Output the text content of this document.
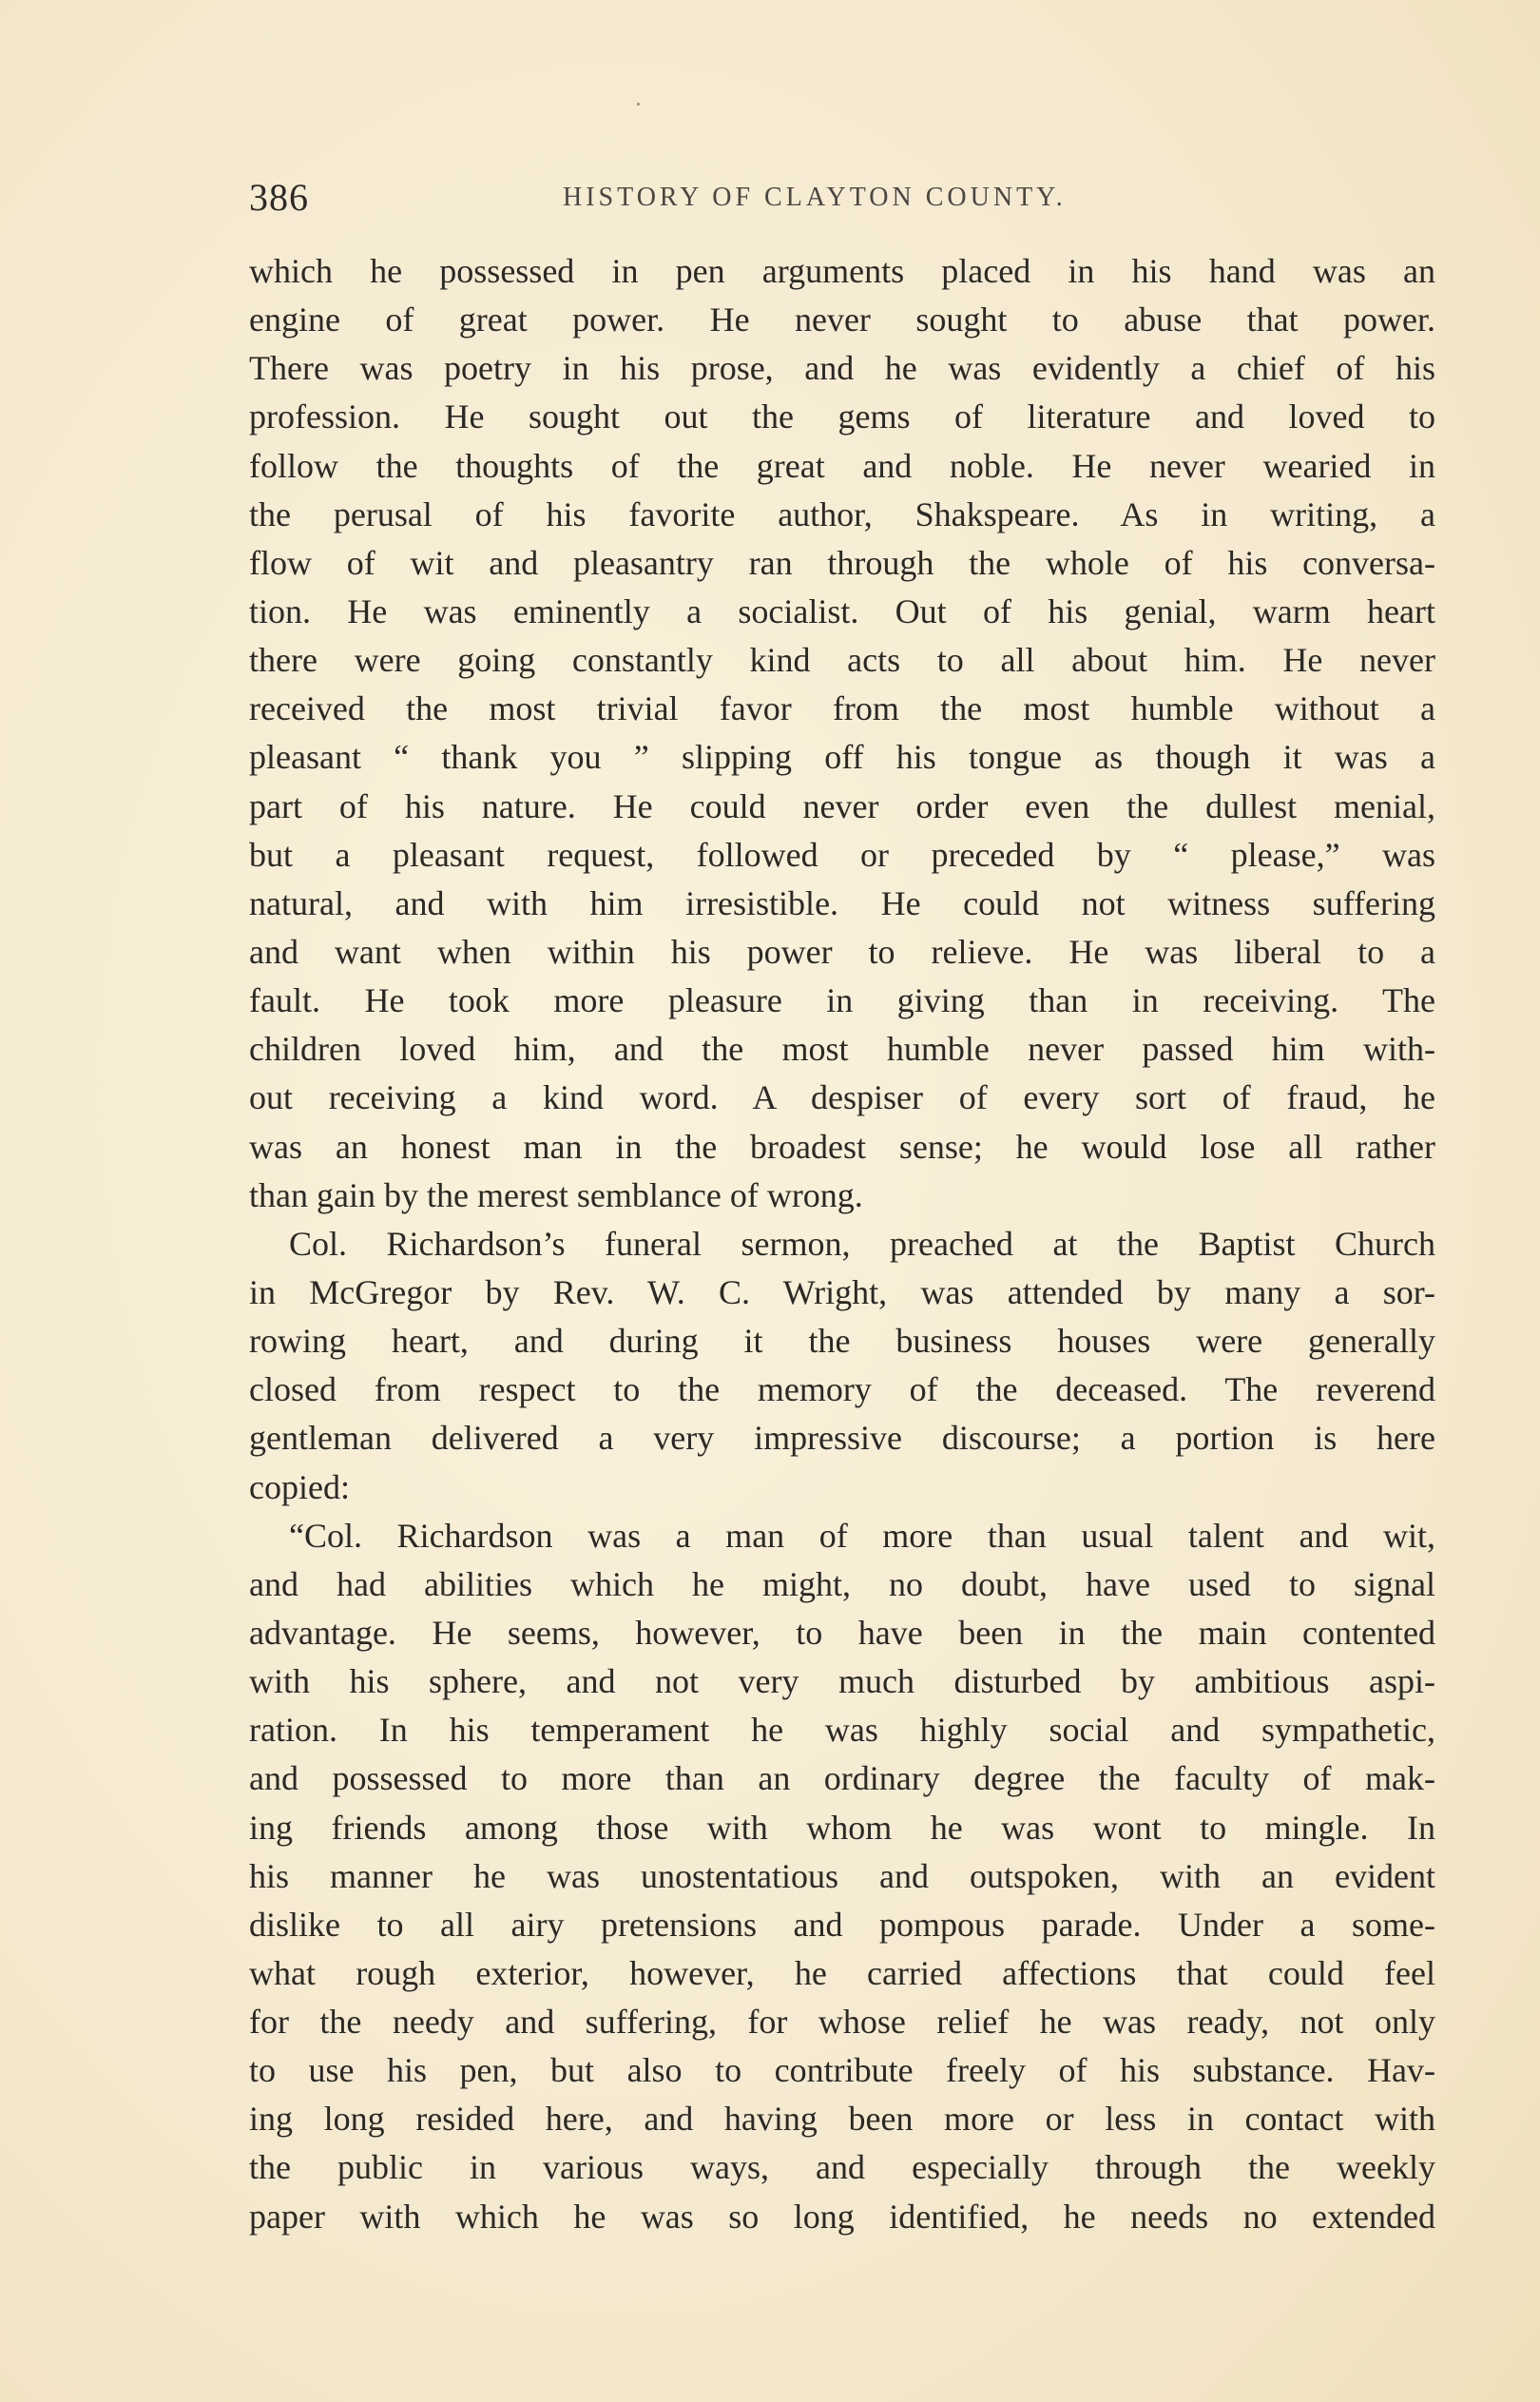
386	HISTORY OF CLAYTON COUNTY.
which he possessed in pen arguments placed in his hand was an
engine of great power. He never sought to abuse that power.
There was poetry in his prose, and he was evidently a chief of his
profession. He sought out the gems of literature and loved to
follow the thoughts of the great and noble. He never wearied in
the perusal of his favorite author, Shakspeare. As in writing, a
flow of wit and pleasantry ran through the whole of his conversa-
tion. He was eminently a socialist. Out of his genial, warm heart
there were going constantly kind acts to all about him. He never
received the most trivial favor from the most humble without a
pleasant “ thank you ” slipping off his tongue as though it was a
part of his nature. He could never order even the dullest menial,
but a pleasant request, followed or preceded by “ please,” was
natural, and with him irresistible. He could not witness suffering
and want when within his power to relieve. He was liberal to a
fault. He took more pleasure in giving than in receiving. The
children loved him, and the most humble never passed him with-
out receiving a kind word. A despiser of every sort of fraud, he
was an honest man in the broadest sense; he would lose all rather
than gain by the merest semblance of wrong.
Col. Richardson’s funeral sermon, preached at the Baptist Church
in McGregor by Rev. W. C. Wright, was attended by many a sor-
rowing heart, and during it the business houses were generally
closed from respect to the memory of the deceased. The reverend
gentleman delivered a very impressive discourse; a portion is here
copied:
“Col. Richardson was a man of more than usual talent and wit,
and had abilities which he might, no doubt, have used to signal
advantage. He seems, however, to have been in the main contented
with his sphere, and not very much disturbed by ambitious aspi-
ration. In his temperament he was highly social and sympathetic,
and possessed to more than an ordinary degree the faculty of mak-
ing friends among those with whom he was wont to mingle. In
his manner he was unostentatious and outspoken, with an evident
dislike to all airy pretensions and pompous parade. Under a some-
what rough exterior, however, he carried affections that could feel
for the needy and suffering, for whose relief he was ready, not only
to use his pen, but also to contribute freely of his substance. Hav-
ing long resided here, and having been more or less in contact with
the public in various ways, and especially through the weekly
paper with which he was so long identified, he needs no extended
